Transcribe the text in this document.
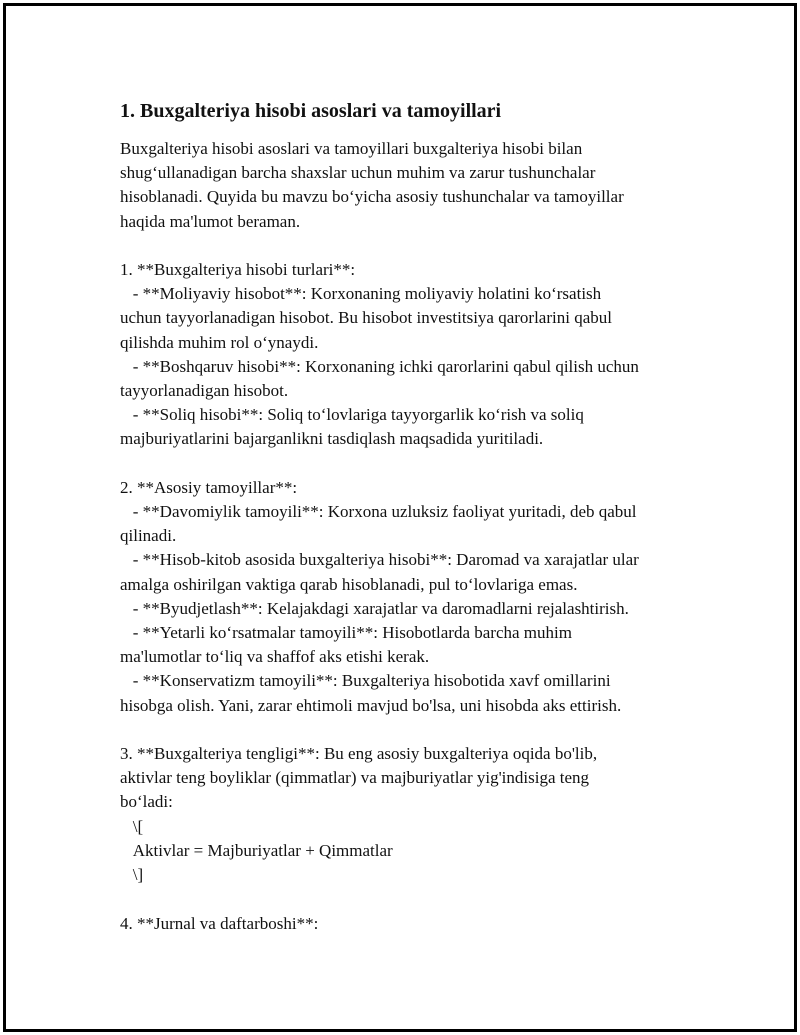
1. Buxgalteriya hisobi asoslari va tamoyillari

Buxgalteriya hisobi asoslari va tamoyillari buxgalteriya hisobi bilan
shug‘ullanadigan barcha shaxslar uchun muhim va zarur tushunchalar
hisoblanadi. Quyida bu mavzu bo‘yicha asosiy tushunchalar va tamoyillar
haqida ma'lumot beraman.

1. **Buxgalteriya hisobi turlari**:
- **Moliyaviy hisobot**: Korxonaning moliyaviy holatini ko‘rsatish
uchun tayyorlanadigan hisobot. Bu hisobot investitsiya qarorlarini qabul
qilishda muhim rol o‘ynaydi.
- **Boshqaruv hisobi**: Korxonaning ichki qarorlarini qabul qilish uchun
tayyorlanadigan hisobot.
- **Soliq hisobi**: Soliq to‘lovlariga tayyorgarlik ko‘rish va soliq
majburiyatlarini bajarganlikni tasdiqlash maqsadida yuritiladi.

2. **Asosiy tamoyillar**:
- **Davomiylik tamoyili**: Korxona uzluksiz faoliyat yuritadi, deb qabul
qilinadi.
- **Hisob-kitob asosida buxgalteriya hisobi**: Daromad va xarajatlar ular
amalga oshirilgan vaktiga qarab hisoblanadi, pul to‘lovlariga emas.
- **Byudjetlash**: Kelajakdagi xarajatlar va daromadlarni rejalashtirish.
- **Yetarli ko‘rsatmalar tamoyili**: Hisobotlarda barcha muhim
ma'lumotlar to‘liq va shaffof aks etishi kerak.
- **Konservatizm tamoyili**: Buxgalteriya hisobotida xavf omillarini
hisobga olish. Yani, zarar ehtimoli mavjud bo'lsa, uni hisobda aks ettirish.

3. **Buxgalteriya tengligi**: Bu eng asosiy buxgalteriya oqida bo'lib,
aktivlar teng boyliklar (qimmatlar) va majburiyatlar yig'indisiga teng
bo‘ladi:
\[
Aktivlar = Majburiyatlar + Qimmatlar
\]

4. **Jurnal va daftarboshi**:
